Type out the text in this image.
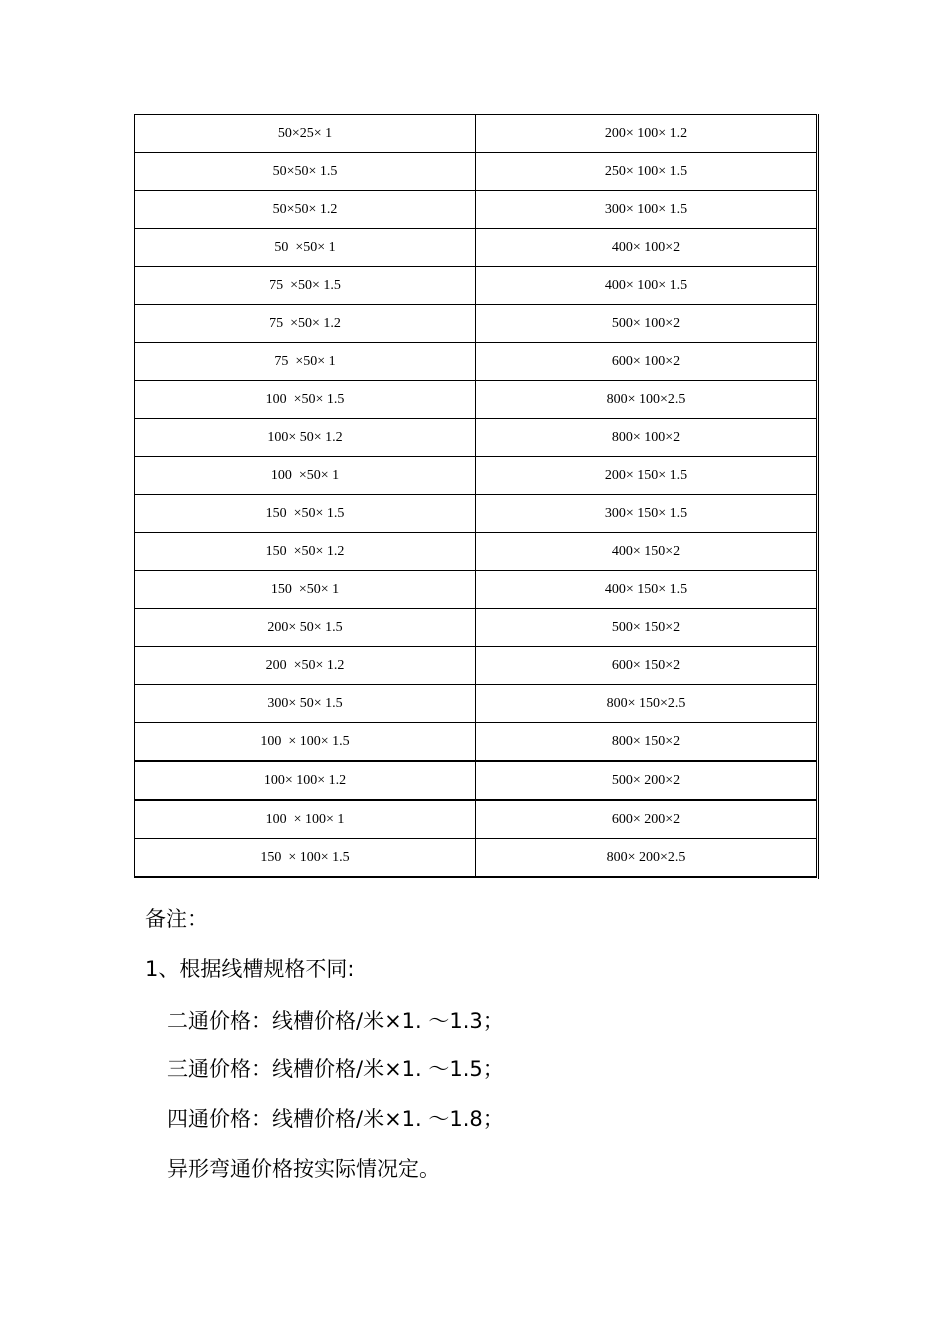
50×25× 1	200× 100× 1.2
50×50× 1.5	250× 100× 1.5
50×50× 1.2	300× 100× 1.5
50  ×50× 1	400× 100×2
75  ×50× 1.5	400× 100× 1.5
75  ×50× 1.2	500× 100×2
75  ×50× 1	600× 100×2
100  ×50× 1.5	800× 100×2.5
100× 50× 1.2	800× 100×2
100  ×50× 1	200× 150× 1.5
150  ×50× 1.5	300× 150× 1.5
150  ×50× 1.2	400× 150×2
150  ×50× 1	400× 150× 1.5
200× 50× 1.5	500× 150×2
200  ×50× 1.2	600× 150×2
300× 50× 1.5	800× 150×2.5
100  × 100× 1.5	800× 150×2
100× 100× 1.2	500× 200×2
100  × 100× 1	600× 200×2
150  × 100× 1.5	800× 200×2.5
备注：
1、根据线槽规格不同:
二通价格：线槽价格/米×1. ～1.3；
三通价格：线槽价格/米×1. ～1.5；
四通价格：线槽价格/米×1. ～1.8；
异形弯通价格按实际情况定。
